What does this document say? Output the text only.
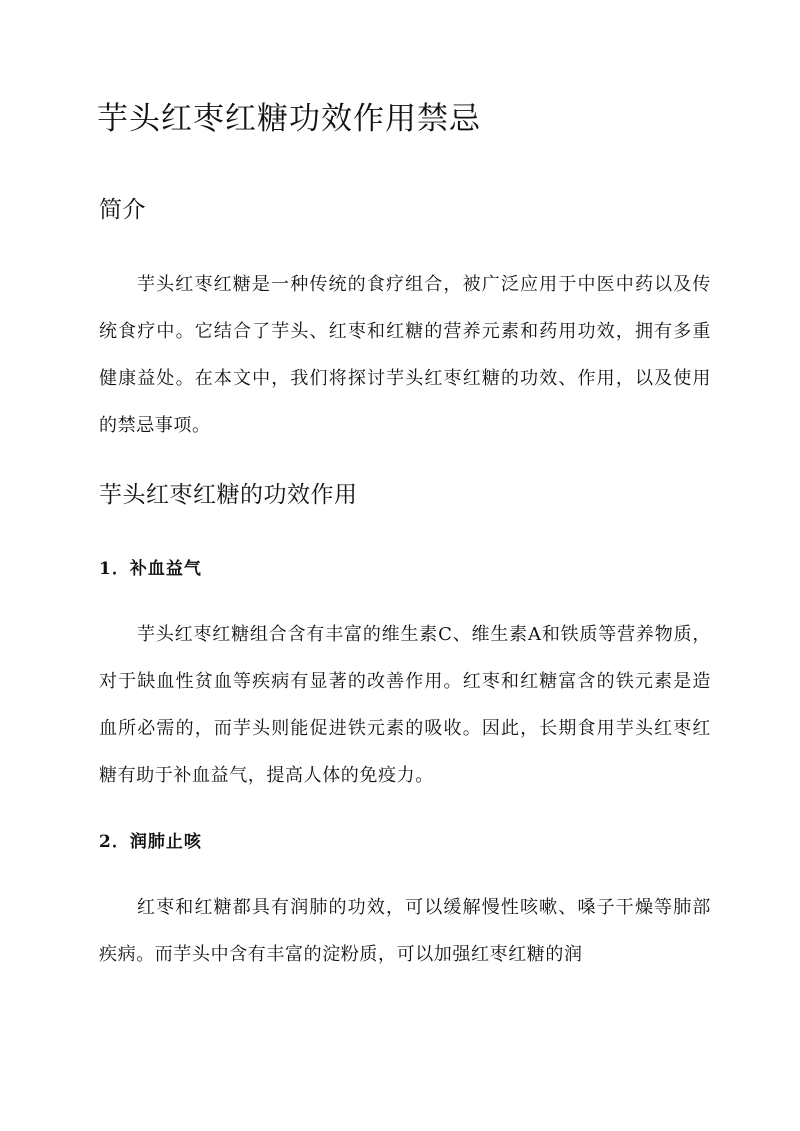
芋头红枣红糖功效作用禁忌
简介

芋头红枣红糖是一种传统的食疗组合，被广泛应用于中医中药以及传统食疗中。它结合了芋头、红枣和红糖的营养元素和药用功效，拥有多重健康益处。在本文中，我们将探讨芋头红枣红糖的功效、作用，以及使用的禁忌事项。

芋头红枣红糖的功效作用
1．补血益气

芋头红枣红糖组合含有丰富的维生素C、维生素A和铁质等营养物质，对于缺血性贫血等疾病有显著的改善作用。红枣和红糖富含的铁元素是造血所必需的，而芋头则能促进铁元素的吸收。因此，长期食用芋头红枣红糖有助于补血益气，提高人体的免疫力。

2．润肺止咳

红枣和红糖都具有润肺的功效，可以缓解慢性咳嗽、嗓子干燥等肺部疾病。而芋头中含有丰富的淀粉质，可以加强红枣红糖的润
